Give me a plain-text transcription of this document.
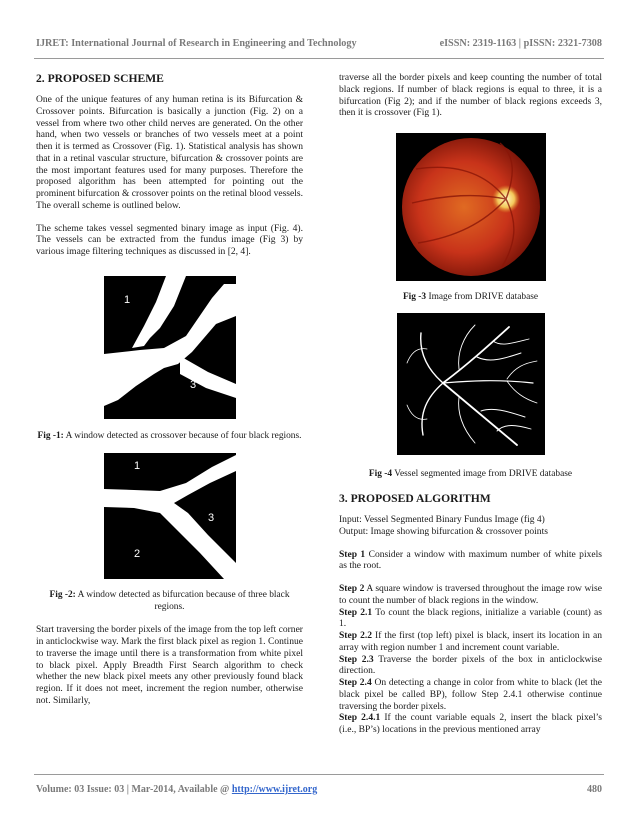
IJRET: International Journal of Research in Engineering and Technology	eISSN: 2319-1163 | pISSN: 2321-7308
2. PROPOSED SCHEME

One of the unique features of any human retina is its Bifurcation & Crossover points. Bifurcation is basically a junction (Fig. 2) on a vessel from where two other child nerves are generated. On the other hand, when two vessels or branches of two vessels meet at a point then it is termed as Crossover (Fig. 1). Statistical analysis has shown that in a retinal vascular structure, bifurcation & crossover points are the most important features used for many purposes. Therefore the proposed algorithm has been attempted for pointing out the prominent bifurcation & crossover points on the retinal blood vessels. The overall scheme is outlined below.

The scheme takes vessel segmented binary image as input (Fig. 4). The vessels can be extracted from the fundus image (Fig 3) by various image filtering techniques as discussed in [2, 4].

1
2
3
4

Fig -1: A window detected as crossover because of four black regions.

1
3
2

Fig -2: A window detected as bifurcation because of three black regions.

Start traversing the border pixels of the image from the top left corner in anticlockwise way. Mark the first black pixel as region 1. Continue to traverse the image until there is a transformation from white pixel to black pixel. Apply Breadth First Search algorithm to check whether the new black pixel meets any other previously found black region. If it does not meet, increment the region number, otherwise not. Similarly,

traverse all the border pixels and keep counting the number of total black regions. If number of black regions is equal to three, it is a bifurcation (Fig 2); and if the number of black regions exceeds 3, then it is crossover (Fig 1).

Fig -3 Image from DRIVE database

Fig -4 Vessel segmented image from DRIVE database

3. PROPOSED ALGORITHM

Input: Vessel Segmented Binary Fundus Image (fig 4)

Output: Image showing bifurcation & crossover points

Step 1 Consider a window with maximum number of white pixels as the root.

Step 2 A square window is traversed throughout the image row wise to count the number of black regions in the window.

Step 2.1 To count the black regions, initialize a variable (count) as 1.

Step 2.2 If the first (top left) pixel is black, insert its location in an array with region number 1 and increment count variable.

Step 2.3 Traverse the border pixels of the box in anticlockwise direction.

Step 2.4 On detecting a change in color from white to black (let the black pixel be called BP), follow Step 2.4.1 otherwise continue traversing the border pixels.

Step 2.4.1 If the count variable equals 2, insert the black pixel’s (i.e., BP’s) locations in the previous mentioned array

Volume: 03 Issue: 03 | Mar-2014, Available @ http://www.ijret.org	480
